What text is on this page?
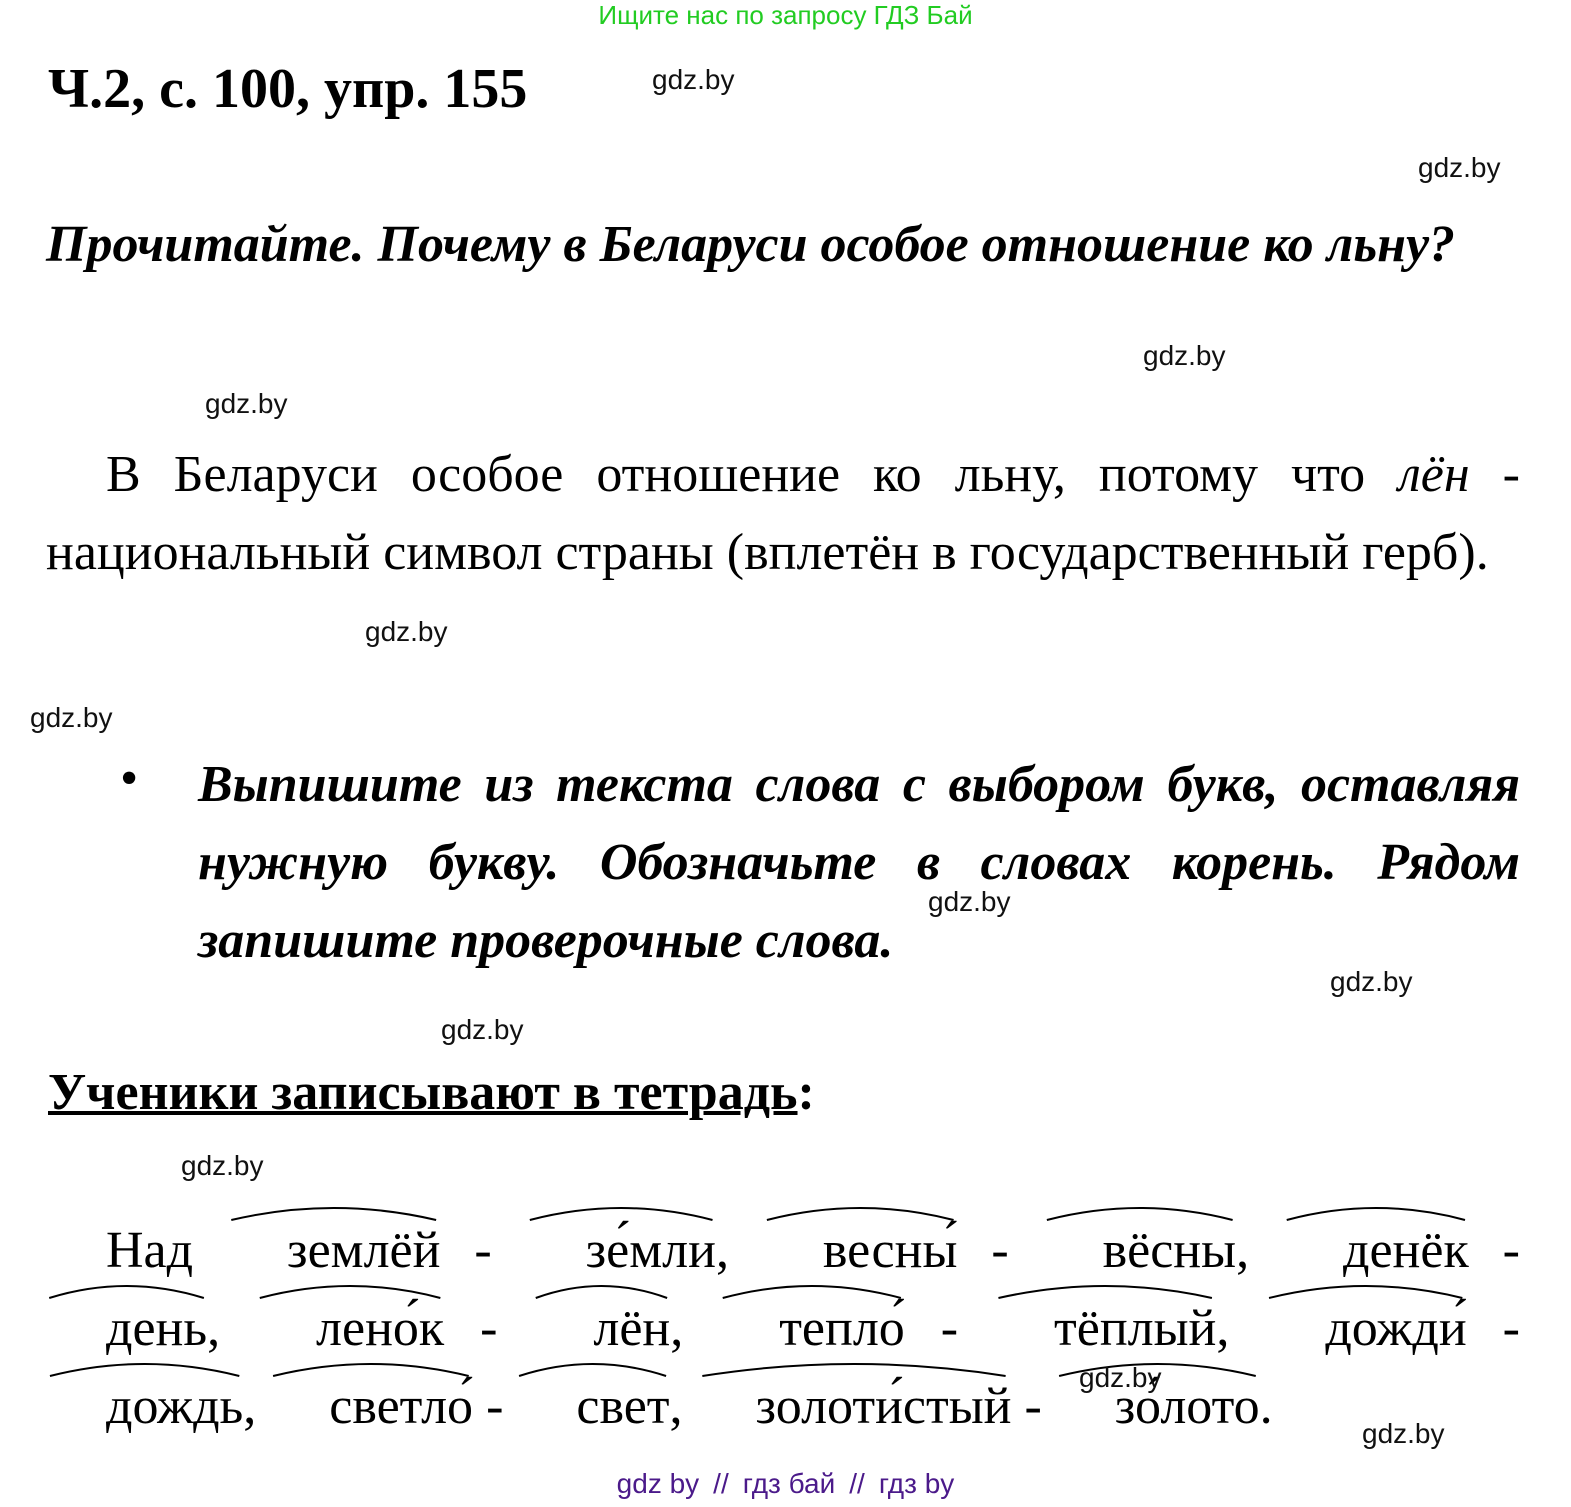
Ищите нас по запросу ГДЗ Бай
Ч.2, с. 100, упр. 155	gdz.by
gdz.by
Прочитайте. Почему в Беларуси особое отношение ко льну?
gdz.by
gdz.by
В Беларуси особое отношение ко льну, потому что лён - национальный символ страны (вплетён в государственный герб).
gdz.by
gdz.by
• Выпишите из текста слова с выбором букв, оставляя нужную букву. Обозначьте в словах корень. Рядом запишите проверочные слова.
gdz.by
gdz.by
gdz.by
Ученики записывают в тетрадь:
gdz.by
Над землёй -
зе́мли,
весны́ -
вёсны,
денёк -
день,
лено́к -
лён,
тепло́ -
тёплый,
дожди́ -
дождь,
светло́ -
свет,
золоти́стый -
зо́лото.
gdz.by
gdz.by
gdz by // гдз бай // гдз by
